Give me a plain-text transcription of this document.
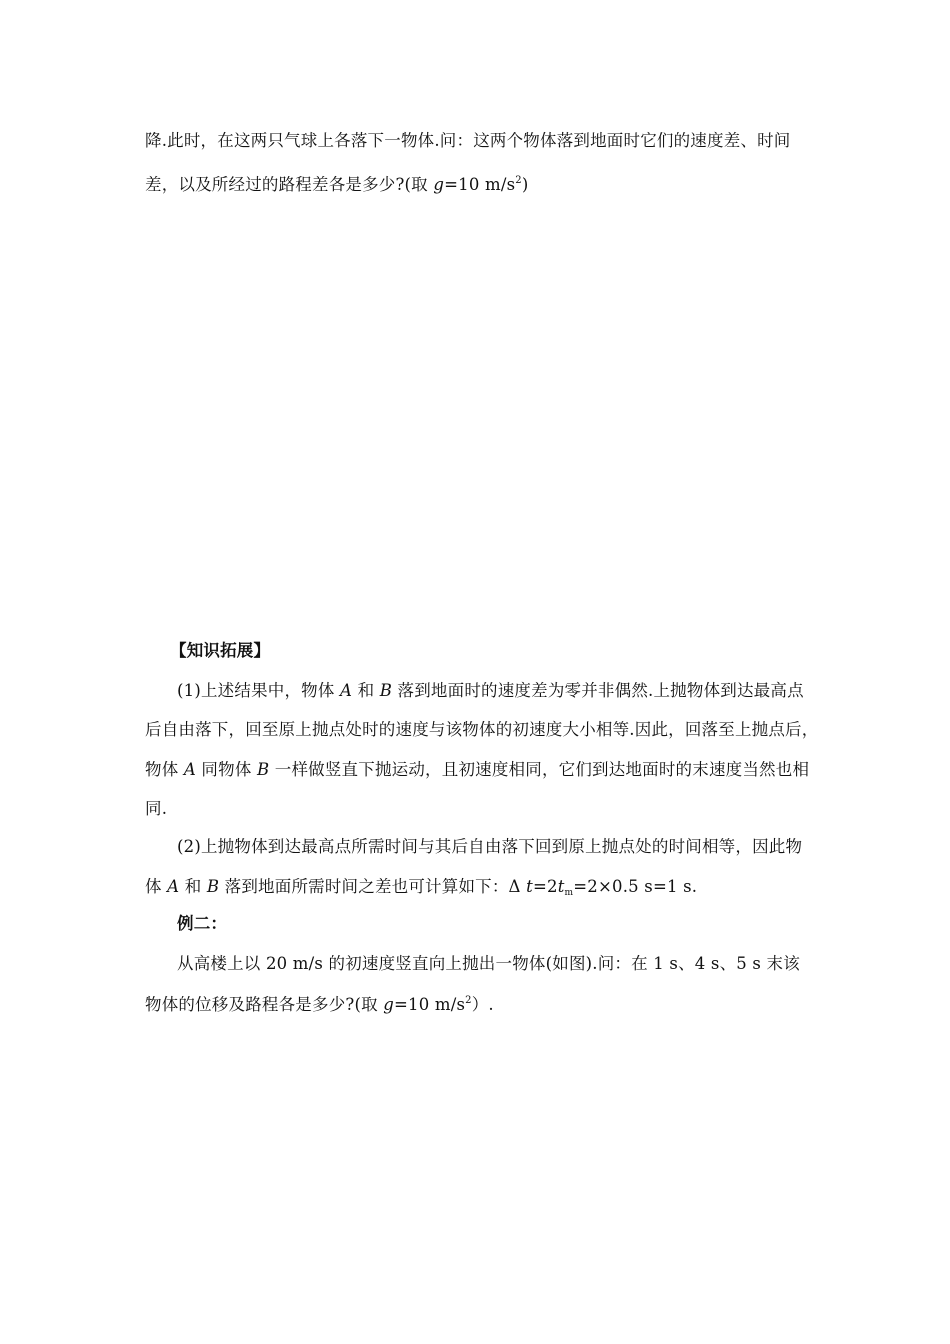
降.此时，在这两只气球上各落下一物体.问：这两个物体落到地面时它们的速度差、时间
差，以及所经过的路程差各是多少?(取 g=10 $m/s^2$)
【知识拓展】
(1)上述结果中，物体 A 和 B 落到地面时的速度差为零并非偶然.上抛物体到达最高点
后自由落下，回至原上抛点处时的速度与该物体的初速度大小相等.因此，回落至上抛点后，
物体 A 同物体 B 一样做竖直下抛运动，且初速度相同，它们到达地面时的末速度当然也相
同.
(2)上抛物体到达最高点所需时间与其后自由落下回到原上抛点处的时间相等，因此物
体 A 和 B 落到地面所需时间之差也可计算如下：Δ $t=2t_m=2\times 0.5$ s=1 s.
例二：
从高楼上以 20 m/s 的初速度竖直向上抛出一物体(如图).问：在 1 s、4 s、5 s 末该
物体的位移及路程各是多少?(取 g=10 $m/s^2$）.
